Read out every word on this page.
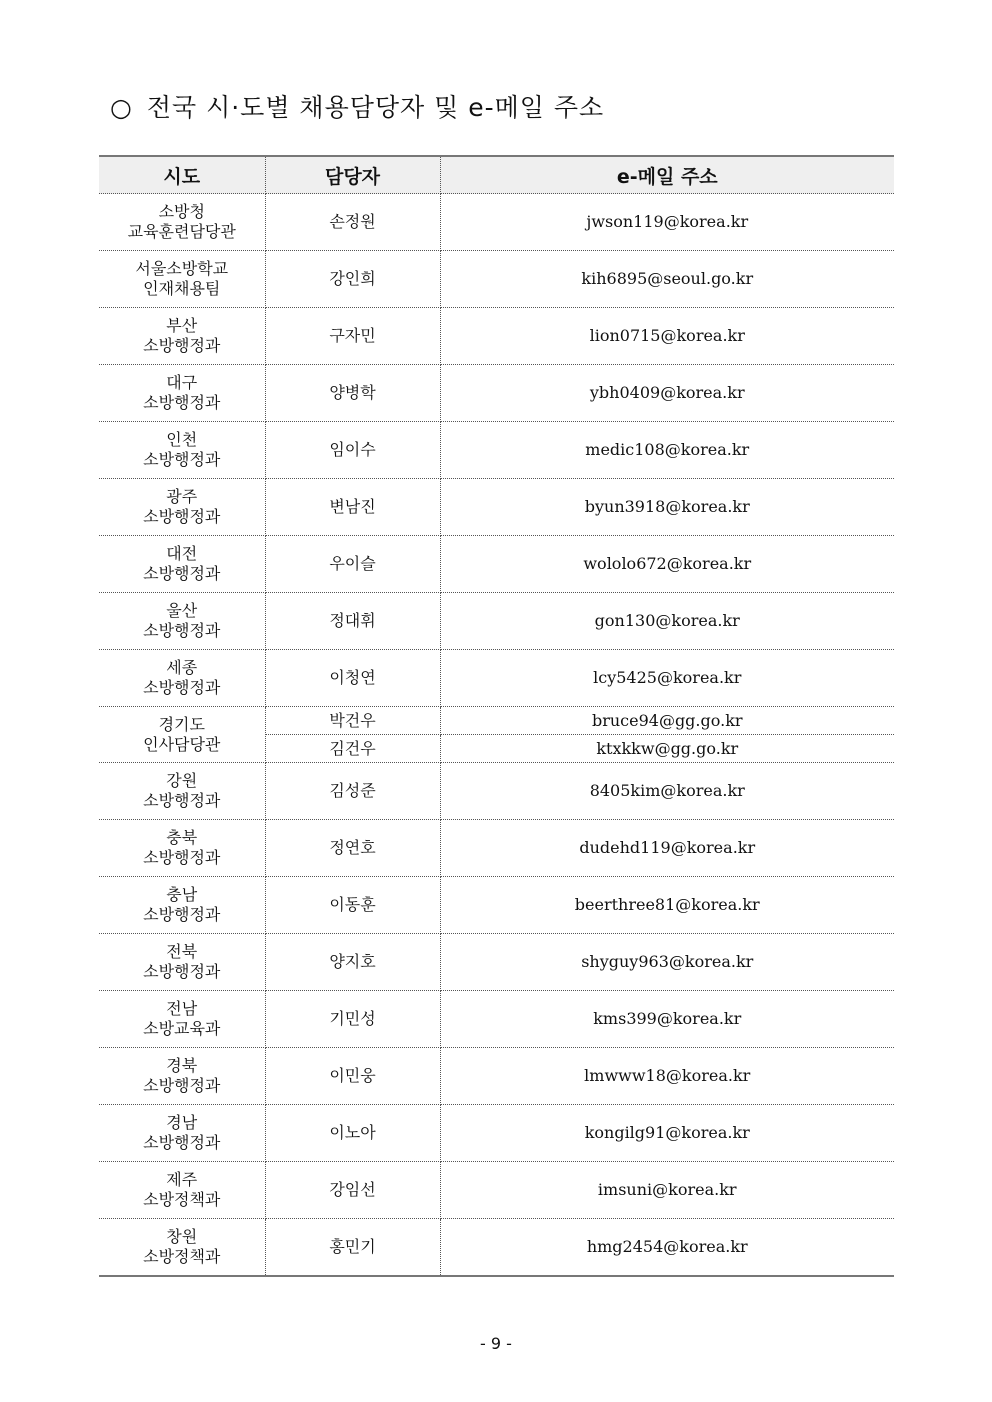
○ 전국 시·도별 채용담당자 및 e-메일 주소
시도	담당자	e-메일 주소

소방청
교육훈련담당관	손정원	jwson119@korea.kr

서울소방학교
인재채용팀	강인희	kih6895@seoul.go.kr

부산
소방행정과	구자민	lion0715@korea.kr

대구
소방행정과	양병학	ybh0409@korea.kr

인천
소방행정과	임이수	medic108@korea.kr

광주
소방행정과	변남진	byun3918@korea.kr

대전
소방행정과	우이슬	wololo672@korea.kr

울산
소방행정과	정대휘	gon130@korea.kr

세종
소방행정과	이청연	lcy5425@korea.kr

경기도
인사담당관	박건우	bruce94@gg.go.kr
	김건우	ktxkkw@gg.go.kr

강원
소방행정과	김성준	8405kim@korea.kr

충북
소방행정과	정연호	dudehd119@korea.kr

충남
소방행정과	이동훈	beerthree81@korea.kr

전북
소방행정과	양지호	shyguy963@korea.kr

전남
소방교육과	기민성	kms399@korea.kr

경북
소방행정과	이민웅	lmwww18@korea.kr

경남
소방행정과	이노아	kongilg91@korea.kr

제주
소방정책과	강임선	imsuni@korea.kr

창원
소방정책과	홍민기	hmg2454@korea.kr
- 9 -
